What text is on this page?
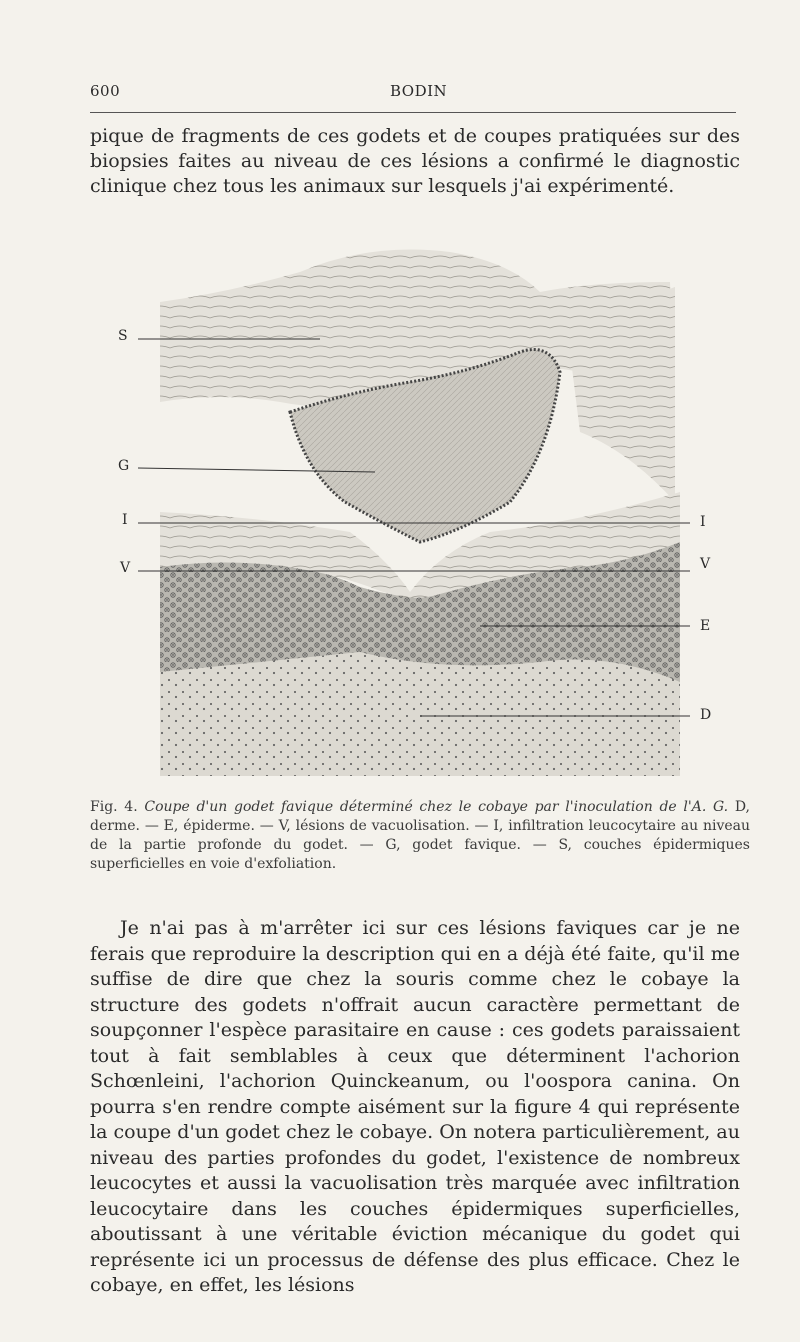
600	BODIN

pique de fragments de ces godets et de coupes pratiquées sur des biopsies faites au niveau de ces lésions a confirmé le diagnostic clinique chez tous les animaux sur lesquels j'ai expérimenté.

S
G
I
V
I
V
E
D
Fig. 4. Coupe d'un godet favique déterminé chez le cobaye par l'inoculation de l'A. G. D, derme. — E, épiderme. — V, lésions de vacuolisation. — I, infiltration leucocytaire au niveau de la partie profonde du godet. — G, godet favique. — S, couches épidermiques superficielles en voie d'exfoliation.

Je n'ai pas à m'arrêter ici sur ces lésions faviques car je ne ferais que reproduire la description qui en a déjà été faite, qu'il me suffise de dire que chez la souris comme chez le cobaye la structure des godets n'offrait aucun caractère permettant de soupçonner l'espèce parasitaire en cause : ces godets paraissaient tout à fait semblables à ceux que déterminent l'achorion Schœnleini, l'achorion Quinckeanum, ou l'oospora canina. On pourra s'en rendre compte aisément sur la figure 4 qui représente la coupe d'un godet chez le cobaye. On notera particulièrement, au niveau des parties profondes du godet, l'existence de nombreux leucocytes et aussi la vacuolisation très marquée avec infiltration leucocytaire dans les couches épidermiques superficielles, aboutissant à une véritable éviction mécanique du godet qui représente ici un processus de défense des plus efficace. Chez le cobaye, en effet, les lésions
